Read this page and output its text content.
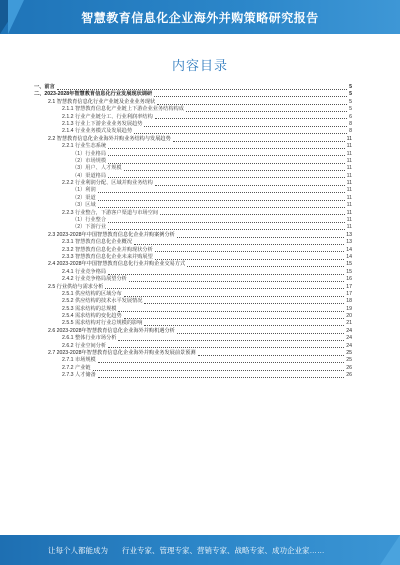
智慧教育信息化企业海外并购策略研究报告
内容目录
一、前言	5
二、2023-2028年智慧教育信息化行业发展现状调研	5
2.1 智慧教育信息化行业产业链及企业业务现状	5
2.1.1 智慧教育信息化产业链上下游企业业务结构构成	5
2.1.2 行业产业链分工、行业利润率结构	6
2.1.3 行业上下游企业业务发展趋势	8
2.1.4 行业业务模式及发展趋势	8
2.2 智慧教育信息化企业海外并购业务结构与发展趋势	11
2.2.1 行业生态系统	11
（1）行业格局	11
（2）市场规模	11
（3）用户、人才规模	11
（4）渠道格局	11
2.2.2 行业利润分配、区域并购业务结构	11
（1）利润	11
（2）渠道	11
（3）区域	11
2.2.3 行业整合，下游客户渠道与市场空间	11
（1）行业整合	11
（2）下游行业	11
2.3 2023-2028年中国智慧教育信息化企业并购案例分析	13
2.3.1 智慧教育信息化企业概况	13
2.3.2 智慧教育信息化企业并购现状分析	14
2.3.3 智慧教育信息化企业未来并购展望	14
2.4 2023-2028年中国智慧教育信息化行业并购企业交易方式	15
2.4.1 行业竞争格局	15
2.4.2 行业竞争格局展望分析	16
2.5 行业供给与需求分析	17
2.5.1 供应结构的区域分布	17
2.5.2 供应结构的技术水平发展情况	18
2.5.3 需求结构的总规模	19
2.5.4 需求结构的变化趋势	20
2.5.5 需求结构对行业总规模的影响	21
2.6 2023-2028年智慧教育信息化企业海外并购机遇分析	24
2.6.1 整体行业市场分析	24
2.6.2 行业空间分析	24
2.7 2023-2028年智慧教育信息化企业海外并购业务发展前景预测	25
2.7.1 市场规模	25
2.7.2 产业链	26
2.7.3 人才储备	26
让每个人都能成为 行业专家、管理专家、营销专家、战略专家、成功企业家……
